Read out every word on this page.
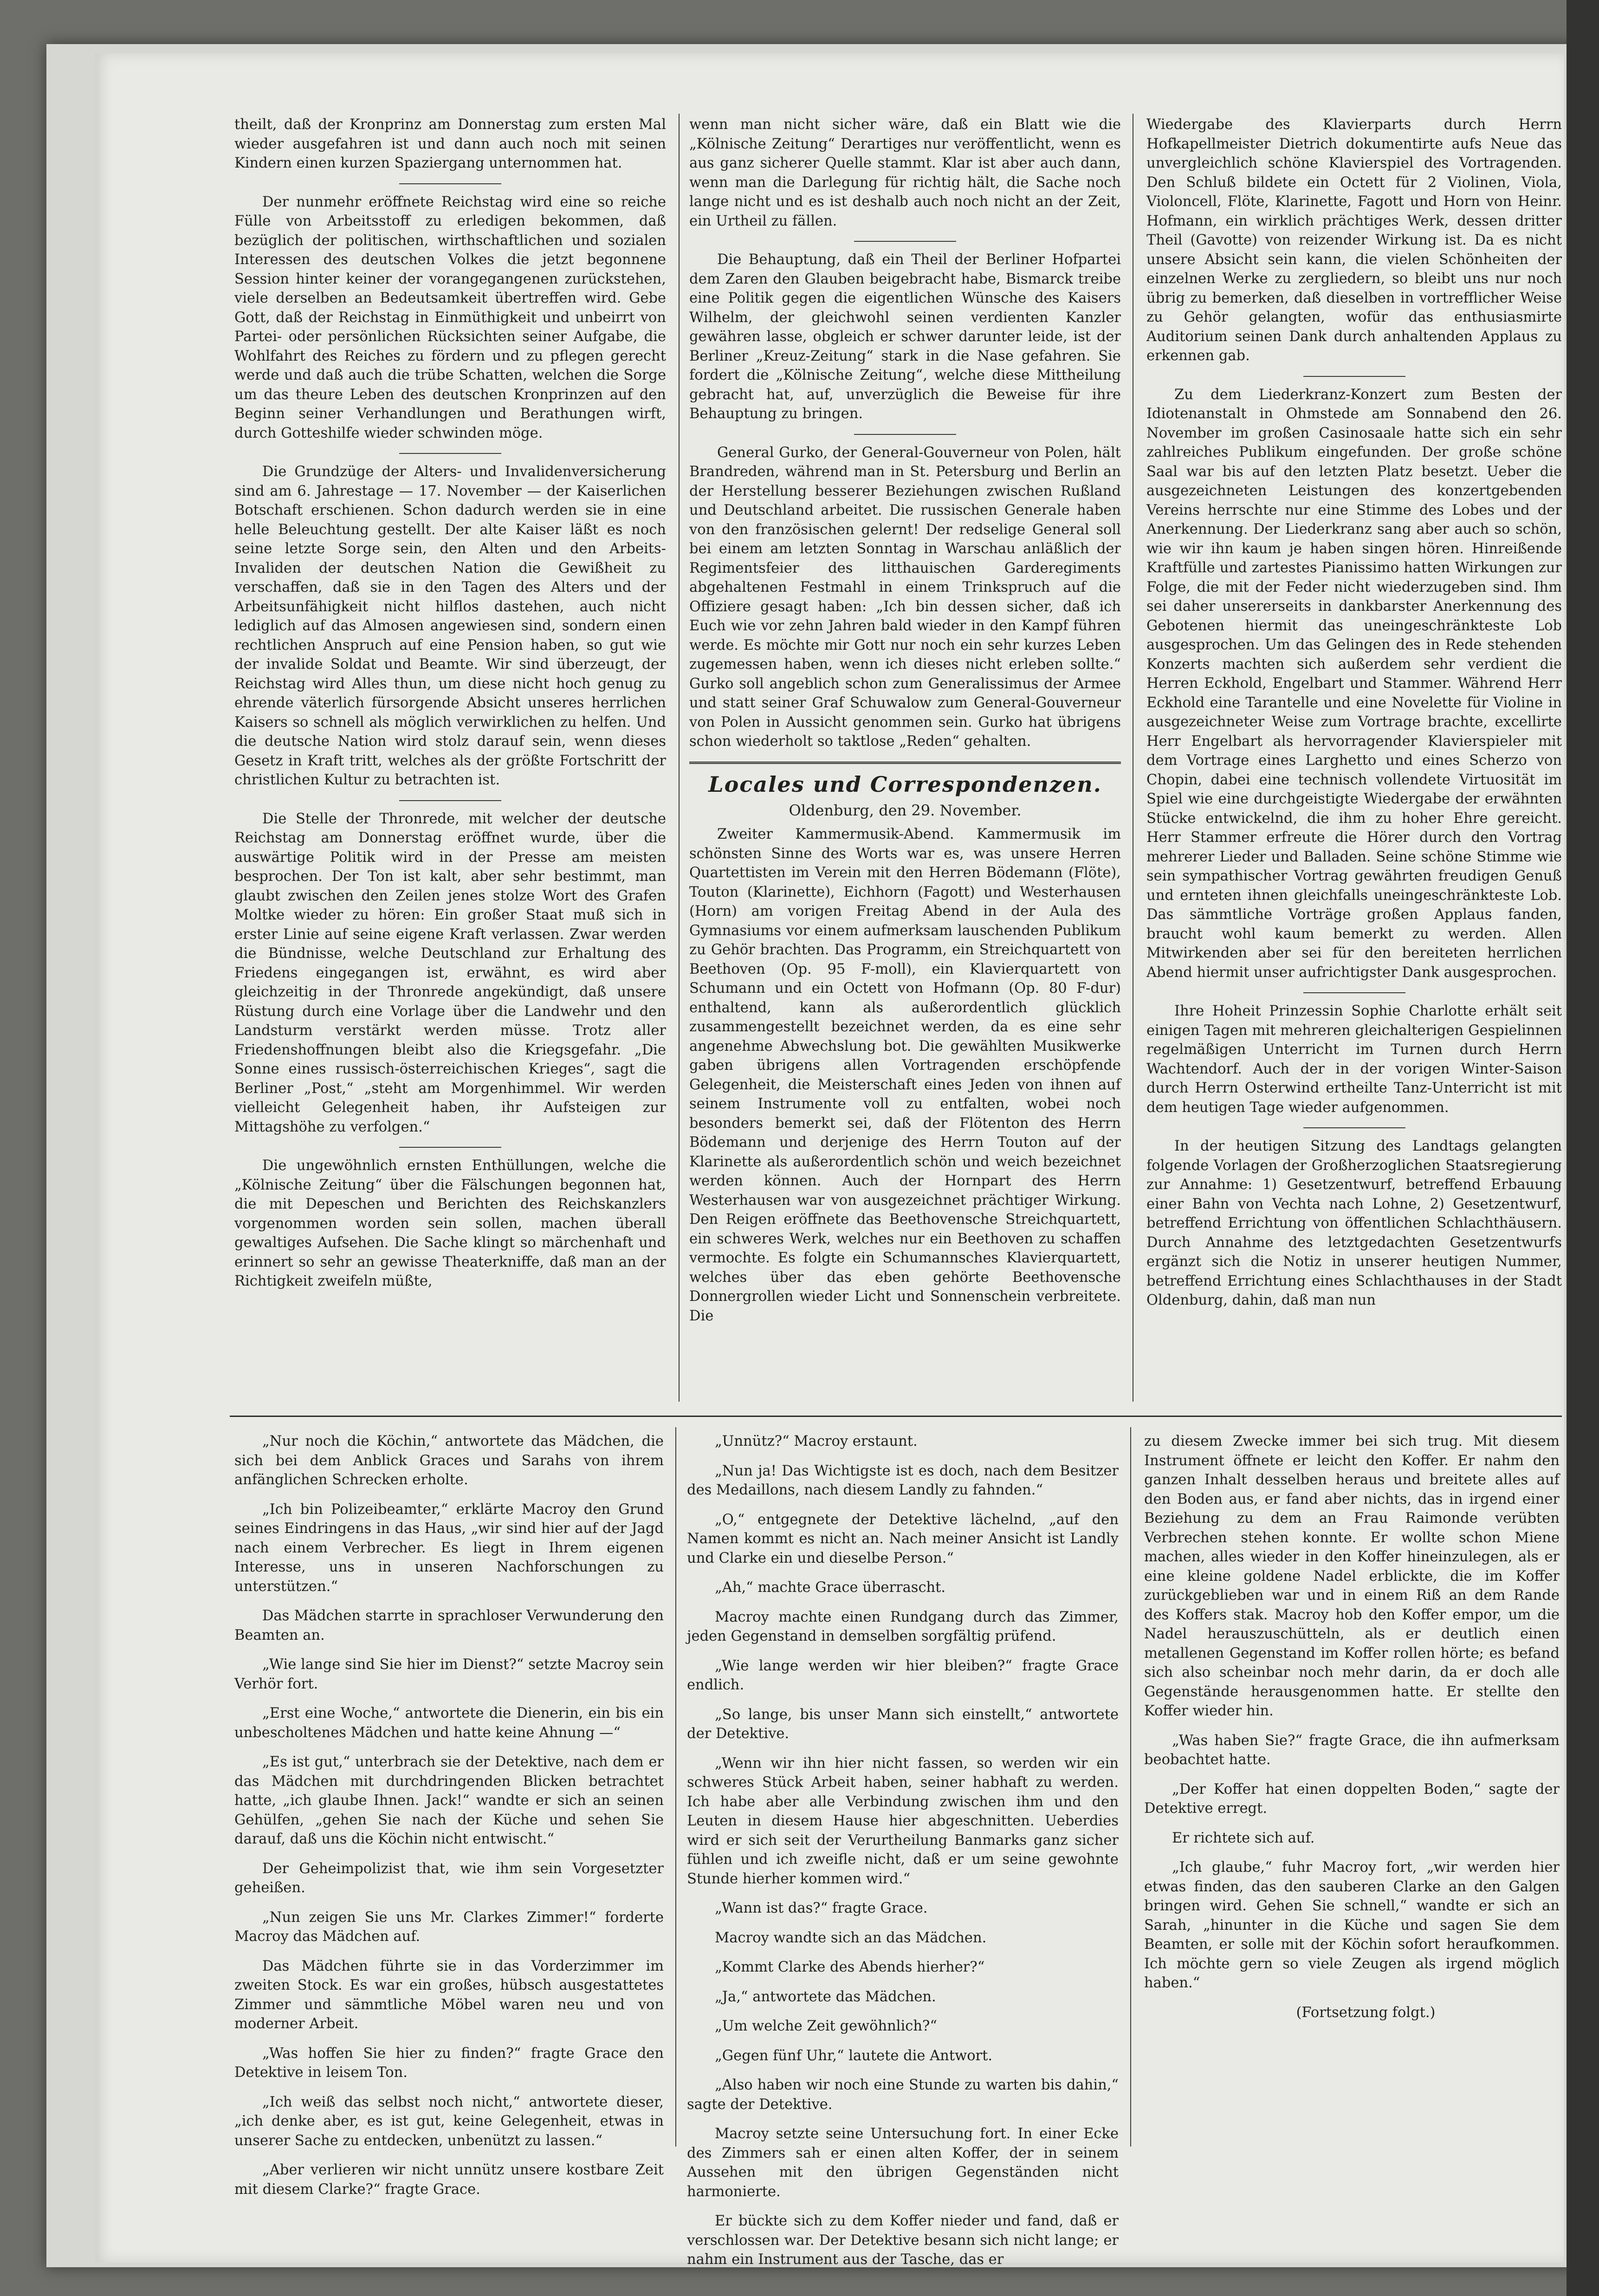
theilt, daß der Kronprinz am Donnerstag zum ersten Mal wieder ausgefahren ist und dann auch noch mit seinen Kindern einen kurzen Spaziergang unternommen hat.

Der nunmehr eröffnete Reichstag wird eine so reiche Fülle von Arbeitsstoff zu erledigen bekommen, daß bezüglich der politischen, wirthschaftlichen und sozialen Interessen des deutschen Volkes die jetzt begonnene Session hinter keiner der vorangegangenen zurückstehen, viele derselben an Bedeutsamkeit übertreffen wird. Gebe Gott, daß der Reichstag in Einmüthigkeit und unbeirrt von Partei- oder persönlichen Rücksichten seiner Aufgabe, die Wohlfahrt des Reiches zu fördern und zu pflegen gerecht werde und daß auch die trübe Schatten, welchen die Sorge um das theure Leben des deutschen Kronprinzen auf den Beginn seiner Verhandlungen und Berathungen wirft, durch Gotteshilfe wieder schwinden möge.

Die Grundzüge der Alters- und Invalidenversicherung sind am 6. Jahrestage — 17. November — der Kaiserlichen Botschaft erschienen. Schon dadurch werden sie in eine helle Beleuchtung gestellt. Der alte Kaiser läßt es noch seine letzte Sorge sein, den Alten und den Arbeits-Invaliden der deutschen Nation die Gewißheit zu verschaffen, daß sie in den Tagen des Alters und der Arbeitsunfähigkeit nicht hilflos dastehen, auch nicht lediglich auf das Almosen angewiesen sind, sondern einen rechtlichen Anspruch auf eine Pension haben, so gut wie der invalide Soldat und Beamte. Wir sind überzeugt, der Reichstag wird Alles thun, um diese nicht hoch genug zu ehrende väterlich fürsorgende Absicht unseres herrlichen Kaisers so schnell als möglich verwirklichen zu helfen. Und die deutsche Nation wird stolz darauf sein, wenn dieses Gesetz in Kraft tritt, welches als der größte Fortschritt der christlichen Kultur zu betrachten ist.

Die Stelle der Thronrede, mit welcher der deutsche Reichstag am Donnerstag eröffnet wurde, über die auswärtige Politik wird in der Presse am meisten besprochen. Der Ton ist kalt, aber sehr bestimmt, man glaubt zwischen den Zeilen jenes stolze Wort des Grafen Moltke wieder zu hören: Ein großer Staat muß sich in erster Linie auf seine eigene Kraft verlassen. Zwar werden die Bündnisse, welche Deutschland zur Erhaltung des Friedens eingegangen ist, erwähnt, es wird aber gleichzeitig in der Thronrede angekündigt, daß unsere Rüstung durch eine Vorlage über die Landwehr und den Landsturm verstärkt werden müsse. Trotz aller Friedenshoffnungen bleibt also die Kriegsgefahr. „Die Sonne eines russisch-österreichischen Krieges“, sagt die Berliner „Post,“ „steht am Morgenhimmel. Wir werden vielleicht Gelegenheit haben, ihr Aufsteigen zur Mittagshöhe zu verfolgen.“

Die ungewöhnlich ernsten Enthüllungen, welche die „Kölnische Zeitung“ über die Fälschungen begonnen hat, die mit Depeschen und Berichten des Reichskanzlers vorgenommen worden sein sollen, machen überall gewaltiges Aufsehen. Die Sache klingt so märchenhaft und erinnert so sehr an gewisse Theaterkniffe, daß man an der Richtigkeit zweifeln müßte,

wenn man nicht sicher wäre, daß ein Blatt wie die „Kölnische Zeitung“ Derartiges nur veröffentlicht, wenn es aus ganz sicherer Quelle stammt. Klar ist aber auch dann, wenn man die Darlegung für richtig hält, die Sache noch lange nicht und es ist deshalb auch noch nicht an der Zeit, ein Urtheil zu fällen.

Die Behauptung, daß ein Theil der Berliner Hofpartei dem Zaren den Glauben beigebracht habe, Bismarck treibe eine Politik gegen die eigentlichen Wünsche des Kaisers Wilhelm, der gleichwohl seinen verdienten Kanzler gewähren lasse, obgleich er schwer darunter leide, ist der Berliner „Kreuz-Zeitung“ stark in die Nase gefahren. Sie fordert die „Kölnische Zeitung“, welche diese Mittheilung gebracht hat, auf, unverzüglich die Beweise für ihre Behauptung zu bringen.

General Gurko, der General-Gouverneur von Polen, hält Brandreden, während man in St. Petersburg und Berlin an der Herstellung besserer Beziehungen zwischen Rußland und Deutschland arbeitet. Die russischen Generale haben von den französischen gelernt! Der redselige General soll bei einem am letzten Sonntag in Warschau anläßlich der Regimentsfeier des litthauischen Garderegiments abgehaltenen Festmahl in einem Trinkspruch auf die Offiziere gesagt haben: „Ich bin dessen sicher, daß ich Euch wie vor zehn Jahren bald wieder in den Kampf führen werde. Es möchte mir Gott nur noch ein sehr kurzes Leben zugemessen haben, wenn ich dieses nicht erleben sollte.“ Gurko soll angeblich schon zum Generalissimus der Armee und statt seiner Graf Schuwalow zum General-Gouverneur von Polen in Aussicht genommen sein. Gurko hat übrigens schon wiederholt so taktlose „Reden“ gehalten.

Locales und Correspondenzen.
Oldenburg, den 29. November.

Zweiter Kammermusik-Abend. Kammermusik im schönsten Sinne des Worts war es, was unsere Herren Quartettisten im Verein mit den Herren Bödemann (Flöte), Touton (Klarinette), Eichhorn (Fagott) und Westerhausen (Horn) am vorigen Freitag Abend in der Aula des Gymnasiums vor einem aufmerksam lauschenden Publikum zu Gehör brachten. Das Programm, ein Streichquartett von Beethoven (Op. 95 F-moll), ein Klavierquartett von Schumann und ein Octett von Hofmann (Op. 80 F-dur) enthaltend, kann als außerordentlich glücklich zusammengestellt bezeichnet werden, da es eine sehr angenehme Abwechslung bot. Die gewählten Musikwerke gaben übrigens allen Vortragenden erschöpfende Gelegenheit, die Meisterschaft eines Jeden von ihnen auf seinem Instrumente voll zu entfalten, wobei noch besonders bemerkt sei, daß der Flötenton des Herrn Bödemann und derjenige des Herrn Touton auf der Klarinette als außerordentlich schön und weich bezeichnet werden können. Auch der Hornpart des Herrn Westerhausen war von ausgezeichnet prächtiger Wirkung. Den Reigen eröffnete das Beethovensche Streichquartett, ein schweres Werk, welches nur ein Beethoven zu schaffen vermochte. Es folgte ein Schumannsches Klavierquartett, welches über das eben gehörte Beethovensche Donnergrollen wieder Licht und Sonnenschein verbreitete. Die

Wiedergabe des Klavierparts durch Herrn Hofkapellmeister Dietrich dokumentirte aufs Neue das unvergleichlich schöne Klavierspiel des Vortragenden. Den Schluß bildete ein Octett für 2 Violinen, Viola, Violoncell, Flöte, Klarinette, Fagott und Horn von Heinr. Hofmann, ein wirklich prächtiges Werk, dessen dritter Theil (Gavotte) von reizender Wirkung ist. Da es nicht unsere Absicht sein kann, die vielen Schönheiten der einzelnen Werke zu zergliedern, so bleibt uns nur noch übrig zu bemerken, daß dieselben in vortrefflicher Weise zu Gehör gelangten, wofür das enthusiasmirte Auditorium seinen Dank durch anhaltenden Applaus zu erkennen gab.

Zu dem Liederkranz-Konzert zum Besten der Idiotenanstalt in Ohmstede am Sonnabend den 26. November im großen Casinosaale hatte sich ein sehr zahlreiches Publikum eingefunden. Der große schöne Saal war bis auf den letzten Platz besetzt. Ueber die ausgezeichneten Leistungen des konzertgebenden Vereins herrschte nur eine Stimme des Lobes und der Anerkennung. Der Liederkranz sang aber auch so schön, wie wir ihn kaum je haben singen hören. Hinreißende Kraftfülle und zartestes Pianissimo hatten Wirkungen zur Folge, die mit der Feder nicht wiederzugeben sind. Ihm sei daher unsererseits in dankbarster Anerkennung des Gebotenen hiermit das uneingeschränkteste Lob ausgesprochen. Um das Gelingen des in Rede stehenden Konzerts machten sich außerdem sehr verdient die Herren Eckhold, Engelbart und Stammer. Während Herr Eckhold eine Tarantelle und eine Novelette für Violine in ausgezeichneter Weise zum Vortrage brachte, excellirte Herr Engelbart als hervorragender Klavierspieler mit dem Vortrage eines Larghetto und eines Scherzo von Chopin, dabei eine technisch vollendete Virtuosität im Spiel wie eine durchgeistigte Wiedergabe der erwähnten Stücke entwickelnd, die ihm zu hoher Ehre gereicht. Herr Stammer erfreute die Hörer durch den Vortrag mehrerer Lieder und Balladen. Seine schöne Stimme wie sein sympathischer Vortrag gewährten freudigen Genuß und ernteten ihnen gleichfalls uneingeschränkteste Lob. Das sämmtliche Vorträge großen Applaus fanden, braucht wohl kaum bemerkt zu werden. Allen Mitwirkenden aber sei für den bereiteten herrlichen Abend hiermit unser aufrichtigster Dank ausgesprochen.

Ihre Hoheit Prinzessin Sophie Charlotte erhält seit einigen Tagen mit mehreren gleichalterigen Gespielinnen regelmäßigen Unterricht im Turnen durch Herrn Wachtendorf. Auch der in der vorigen Winter-Saison durch Herrn Osterwind ertheilte Tanz-Unterricht ist mit dem heutigen Tage wieder aufgenommen.

In der heutigen Sitzung des Landtags gelangten folgende Vorlagen der Großherzoglichen Staatsregierung zur Annahme: 1) Gesetzentwurf, betreffend Erbauung einer Bahn von Vechta nach Lohne, 2) Gesetzentwurf, betreffend Errichtung von öffentlichen Schlachthäusern. Durch Annahme des letztgedachten Gesetzentwurfs ergänzt sich die Notiz in unserer heutigen Nummer, betreffend Errichtung eines Schlachthauses in der Stadt Oldenburg, dahin, daß man nun

„Nur noch die Köchin,“ antwortete das Mädchen, die sich bei dem Anblick Graces und Sarahs von ihrem anfänglichen Schrecken erholte.

„Ich bin Polizeibeamter,“ erklärte Macroy den Grund seines Eindringens in das Haus, „wir sind hier auf der Jagd nach einem Verbrecher. Es liegt in Ihrem eigenen Interesse, uns in unseren Nachforschungen zu unterstützen.“

Das Mädchen starrte in sprachloser Verwunderung den Beamten an.

„Wie lange sind Sie hier im Dienst?“ setzte Macroy sein Verhör fort.

„Erst eine Woche,“ antwortete die Dienerin, ein bis ein unbescholtenes Mädchen und hatte keine Ahnung —“

„Es ist gut,“ unterbrach sie der Detektive, nach dem er das Mädchen mit durchdringenden Blicken betrachtet hatte, „ich glaube Ihnen. Jack!“ wandte er sich an seinen Gehülfen, „gehen Sie nach der Küche und sehen Sie darauf, daß uns die Köchin nicht entwischt.“

Der Geheimpolizist that, wie ihm sein Vorgesetzter geheißen.

„Nun zeigen Sie uns Mr. Clarkes Zimmer!“ forderte Macroy das Mädchen auf.

Das Mädchen führte sie in das Vorderzimmer im zweiten Stock. Es war ein großes, hübsch ausgestattetes Zimmer und sämmtliche Möbel waren neu und von moderner Arbeit.

„Was hoffen Sie hier zu finden?“ fragte Grace den Detektive in leisem Ton.

„Ich weiß das selbst noch nicht,“ antwortete dieser, „ich denke aber, es ist gut, keine Gelegenheit, etwas in unserer Sache zu entdecken, unbenützt zu lassen.“

„Aber verlieren wir nicht unnütz unsere kostbare Zeit mit diesem Clarke?“ fragte Grace.

„Unnütz?“ Macroy erstaunt.

„Nun ja! Das Wichtigste ist es doch, nach dem Besitzer des Medaillons, nach diesem Landly zu fahnden.“

„O,“ entgegnete der Detektive lächelnd, „auf den Namen kommt es nicht an. Nach meiner Ansicht ist Landly und Clarke ein und dieselbe Person.“

„Ah,“ machte Grace überrascht.

Macroy machte einen Rundgang durch das Zimmer, jeden Gegenstand in demselben sorgfältig prüfend.

„Wie lange werden wir hier bleiben?“ fragte Grace endlich.

„So lange, bis unser Mann sich einstellt,“ antwortete der Detektive.

„Wenn wir ihn hier nicht fassen, so werden wir ein schweres Stück Arbeit haben, seiner habhaft zu werden. Ich habe aber alle Verbindung zwischen ihm und den Leuten in diesem Hause hier abgeschnitten. Ueberdies wird er sich seit der Verurtheilung Banmarks ganz sicher fühlen und ich zweifle nicht, daß er um seine gewohnte Stunde hierher kommen wird.“

„Wann ist das?“ fragte Grace.

Macroy wandte sich an das Mädchen.

„Kommt Clarke des Abends hierher?“

„Ja,“ antwortete das Mädchen.

„Um welche Zeit gewöhnlich?“

„Gegen fünf Uhr,“ lautete die Antwort.

„Also haben wir noch eine Stunde zu warten bis dahin,“ sagte der Detektive.

Macroy setzte seine Untersuchung fort. In einer Ecke des Zimmers sah er einen alten Koffer, der in seinem Aussehen mit den übrigen Gegenständen nicht harmonierte.

Er bückte sich zu dem Koffer nieder und fand, daß er verschlossen war. Der Detektive besann sich nicht lange; er nahm ein Instrument aus der Tasche, das er

zu diesem Zwecke immer bei sich trug. Mit diesem Instrument öffnete er leicht den Koffer. Er nahm den ganzen Inhalt desselben heraus und breitete alles auf den Boden aus, er fand aber nichts, das in irgend einer Beziehung zu dem an Frau Raimonde verübten Verbrechen stehen konnte. Er wollte schon Miene machen, alles wieder in den Koffer hineinzulegen, als er eine kleine goldene Nadel erblickte, die im Koffer zurückgeblieben war und in einem Riß an dem Rande des Koffers stak. Macroy hob den Koffer empor, um die Nadel herauszuschütteln, als er deutlich einen metallenen Gegenstand im Koffer rollen hörte; es befand sich also scheinbar noch mehr darin, da er doch alle Gegenstände herausgenommen hatte. Er stellte den Koffer wieder hin.

„Was haben Sie?“ fragte Grace, die ihn aufmerksam beobachtet hatte.

„Der Koffer hat einen doppelten Boden,“ sagte der Detektive erregt.

Er richtete sich auf.

„Ich glaube,“ fuhr Macroy fort, „wir werden hier etwas finden, das den sauberen Clarke an den Galgen bringen wird. Gehen Sie schnell,“ wandte er sich an Sarah, „hinunter in die Küche und sagen Sie dem Beamten, er solle mit der Köchin sofort heraufkommen. Ich möchte gern so viele Zeugen als irgend möglich haben.“

(Fortsetzung folgt.)
